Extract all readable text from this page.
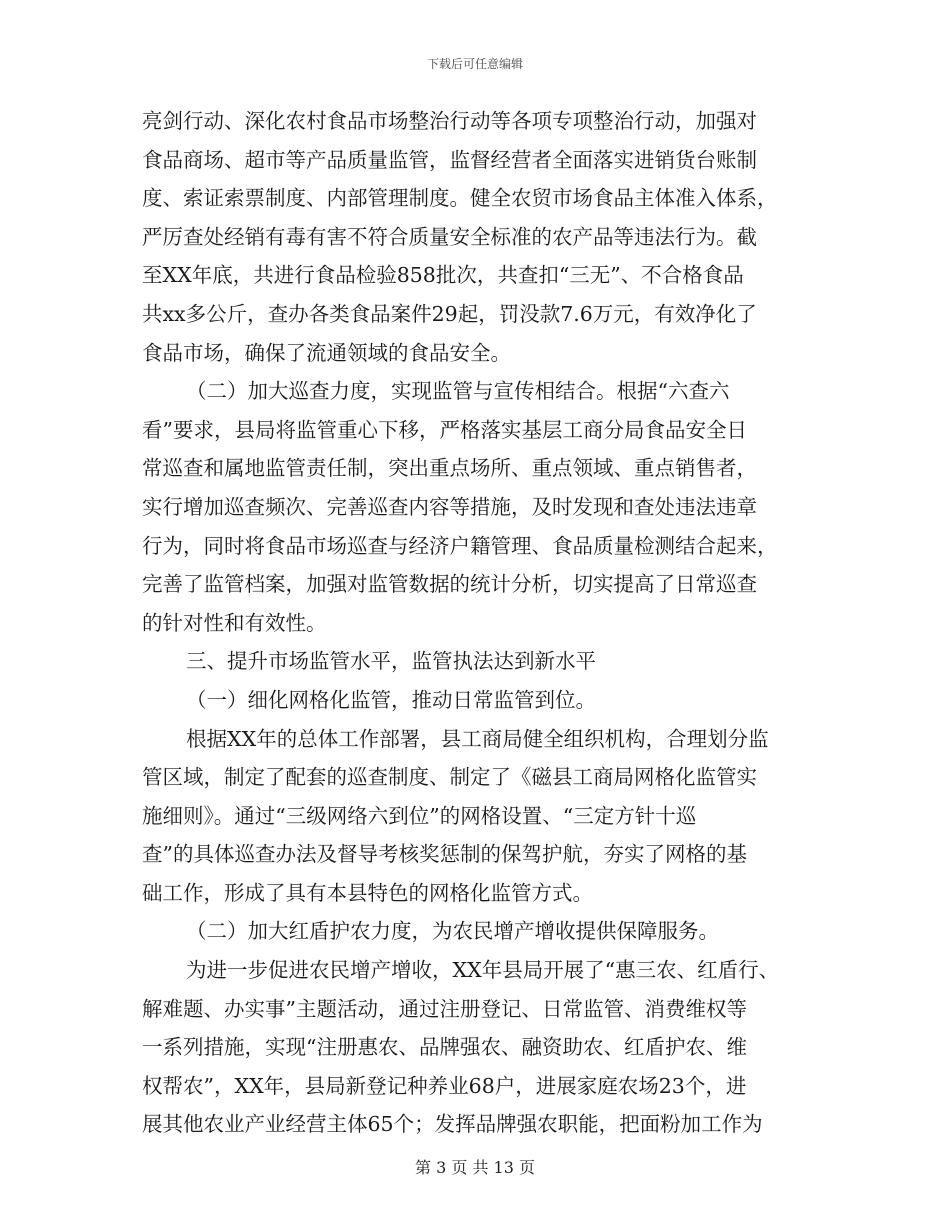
下载后可任意编辑
亮剑行动、深化农村食品市场整治行动等各项专项整治行动，加强对
食品商场、超市等产品质量监管，监督经营者全面落实进销货台账制
度、索证索票制度、内部管理制度。健全农贸市场食品主体准入体系，
严厉查处经销有毒有害不符合质量安全标准的农产品等违法行为。截
至XX年底，共进行食品检验858批次，共查扣“三无”、不合格食品
共xx多公斤，查办各类食品案件29起，罚没款7.6万元，有效净化了
食品市场，确保了流通领域的食品安全。
（二）加大巡查力度，实现监管与宣传相结合。根据“六查六
看”要求，县局将监管重心下移，严格落实基层工商分局食品安全日
常巡查和属地监管责任制，突出重点场所、重点领域、重点销售者，
实行增加巡查频次、完善巡查内容等措施，及时发现和查处违法违章
行为，同时将食品市场巡查与经济户籍管理、食品质量检测结合起来，
完善了监管档案，加强对监管数据的统计分析，切实提高了日常巡查
的针对性和有效性。
三、提升市场监管水平，监管执法达到新水平
（一）细化网格化监管，推动日常监管到位。
根据XX年的总体工作部署，县工商局健全组织机构，合理划分监
管区域，制定了配套的巡查制度、制定了《磁县工商局网格化监管实
施细则》。通过“三级网络六到位”的网格设置、“三定方针十巡
查”的具体巡查办法及督导考核奖惩制的保驾护航，夯实了网格的基
础工作，形成了具有本县特色的网格化监管方式。
（二）加大红盾护农力度，为农民增产增收提供保障服务。
为进一步促进农民增产增收，XX年县局开展了“惠三农、红盾行、
解难题、办实事”主题活动，通过注册登记、日常监管、消费维权等
一系列措施，实现“注册惠农、品牌强农、融资助农、红盾护农、维
权帮农”，XX年，县局新登记种养业68户，进展家庭农场23个，进
展其他农业产业经营主体65个；发挥品牌强农职能，把面粉加工作为
第 3 页 共 13 页
